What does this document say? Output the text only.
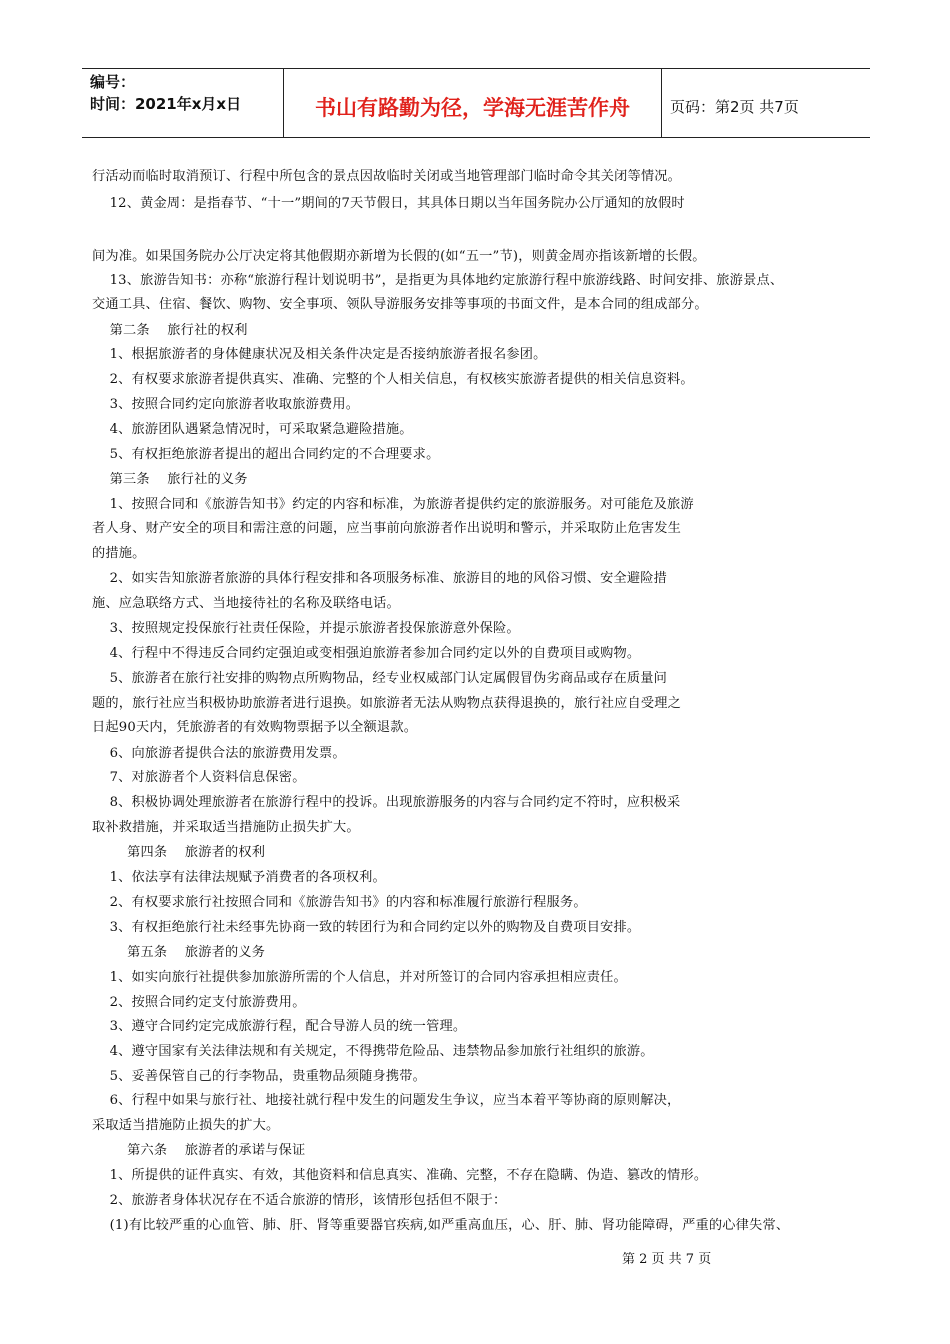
编号：
时间：2021年x月x日	书山有路勤为径，学海无涯苦作舟	页码：第2页 共7页
行活动而临时取消预订、行程中所包含的景点因故临时关闭或当地管理部门临时命令其关闭等情况。
12、黄金周：是指春节、“十一”期间的7天节假日，其具体日期以当年国务院办公厅通知的放假时
间为准。如果国务院办公厅决定将其他假期亦新增为长假的(如“五一”节)，则黄金周亦指该新增的长假。
13、旅游告知书：亦称“旅游行程计划说明书”，是指更为具体地约定旅游行程中旅游线路、时间安排、旅游景点、
交通工具、住宿、餐饮、购物、安全事项、领队导游服务安排等事项的书面文件，是本合同的组成部分。
第二条    旅行社的权利
1、根据旅游者的身体健康状况及相关条件决定是否接纳旅游者报名参团。
2、有权要求旅游者提供真实、准确、完整的个人相关信息，有权核实旅游者提供的相关信息资料。
3、按照合同约定向旅游者收取旅游费用。
4、旅游团队遇紧急情况时，可采取紧急避险措施。
5、有权拒绝旅游者提出的超出合同约定的不合理要求。
第三条    旅行社的义务
1、按照合同和《旅游告知书》约定的内容和标准，为旅游者提供约定的旅游服务。对可能危及旅游
者人身、财产安全的项目和需注意的问题，应当事前向旅游者作出说明和警示，并采取防止危害发生
的措施。
2、如实告知旅游者旅游的具体行程安排和各项服务标准、旅游目的地的风俗习惯、安全避险措
施、应急联络方式、当地接待社的名称及联络电话。
3、按照规定投保旅行社责任保险，并提示旅游者投保旅游意外保险。
4、行程中不得违反合同约定强迫或变相强迫旅游者参加合同约定以外的自费项目或购物。
5、旅游者在旅行社安排的购物点所购物品，经专业权威部门认定属假冒伪劣商品或存在质量问
题的，旅行社应当积极协助旅游者进行退换。如旅游者无法从购物点获得退换的，旅行社应自受理之
日起90天内，凭旅游者的有效购物票据予以全额退款。
6、向旅游者提供合法的旅游费用发票。
7、对旅游者个人资料信息保密。
8、积极协调处理旅游者在旅游行程中的投诉。出现旅游服务的内容与合同约定不符时，应积极采
取补救措施，并采取适当措施防止损失扩大。
第四条    旅游者的权利
1、依法享有法律法规赋予消费者的各项权利。
2、有权要求旅行社按照合同和《旅游告知书》的内容和标准履行旅游行程服务。
3、有权拒绝旅行社未经事先协商一致的转团行为和合同约定以外的购物及自费项目安排。
第五条    旅游者的义务
1、如实向旅行社提供参加旅游所需的个人信息，并对所签订的合同内容承担相应责任。
2、按照合同约定支付旅游费用。
3、遵守合同约定完成旅游行程，配合导游人员的统一管理。
4、遵守国家有关法律法规和有关规定，不得携带危险品、违禁物品参加旅行社组织的旅游。
5、妥善保管自己的行李物品，贵重物品须随身携带。
6、行程中如果与旅行社、地接社就行程中发生的问题发生争议，应当本着平等协商的原则解决，
采取适当措施防止损失的扩大。
第六条    旅游者的承诺与保证
1、所提供的证件真实、有效，其他资料和信息真实、准确、完整，不存在隐瞒、伪造、篡改的情形。
2、旅游者身体状况存在不适合旅游的情形，该情形包括但不限于：
(1)有比较严重的心血管、肺、肝、肾等重要器官疾病,如严重高血压，心、肝、肺、肾功能障碍，严重的心律失常、
第 2 页 共 7 页
